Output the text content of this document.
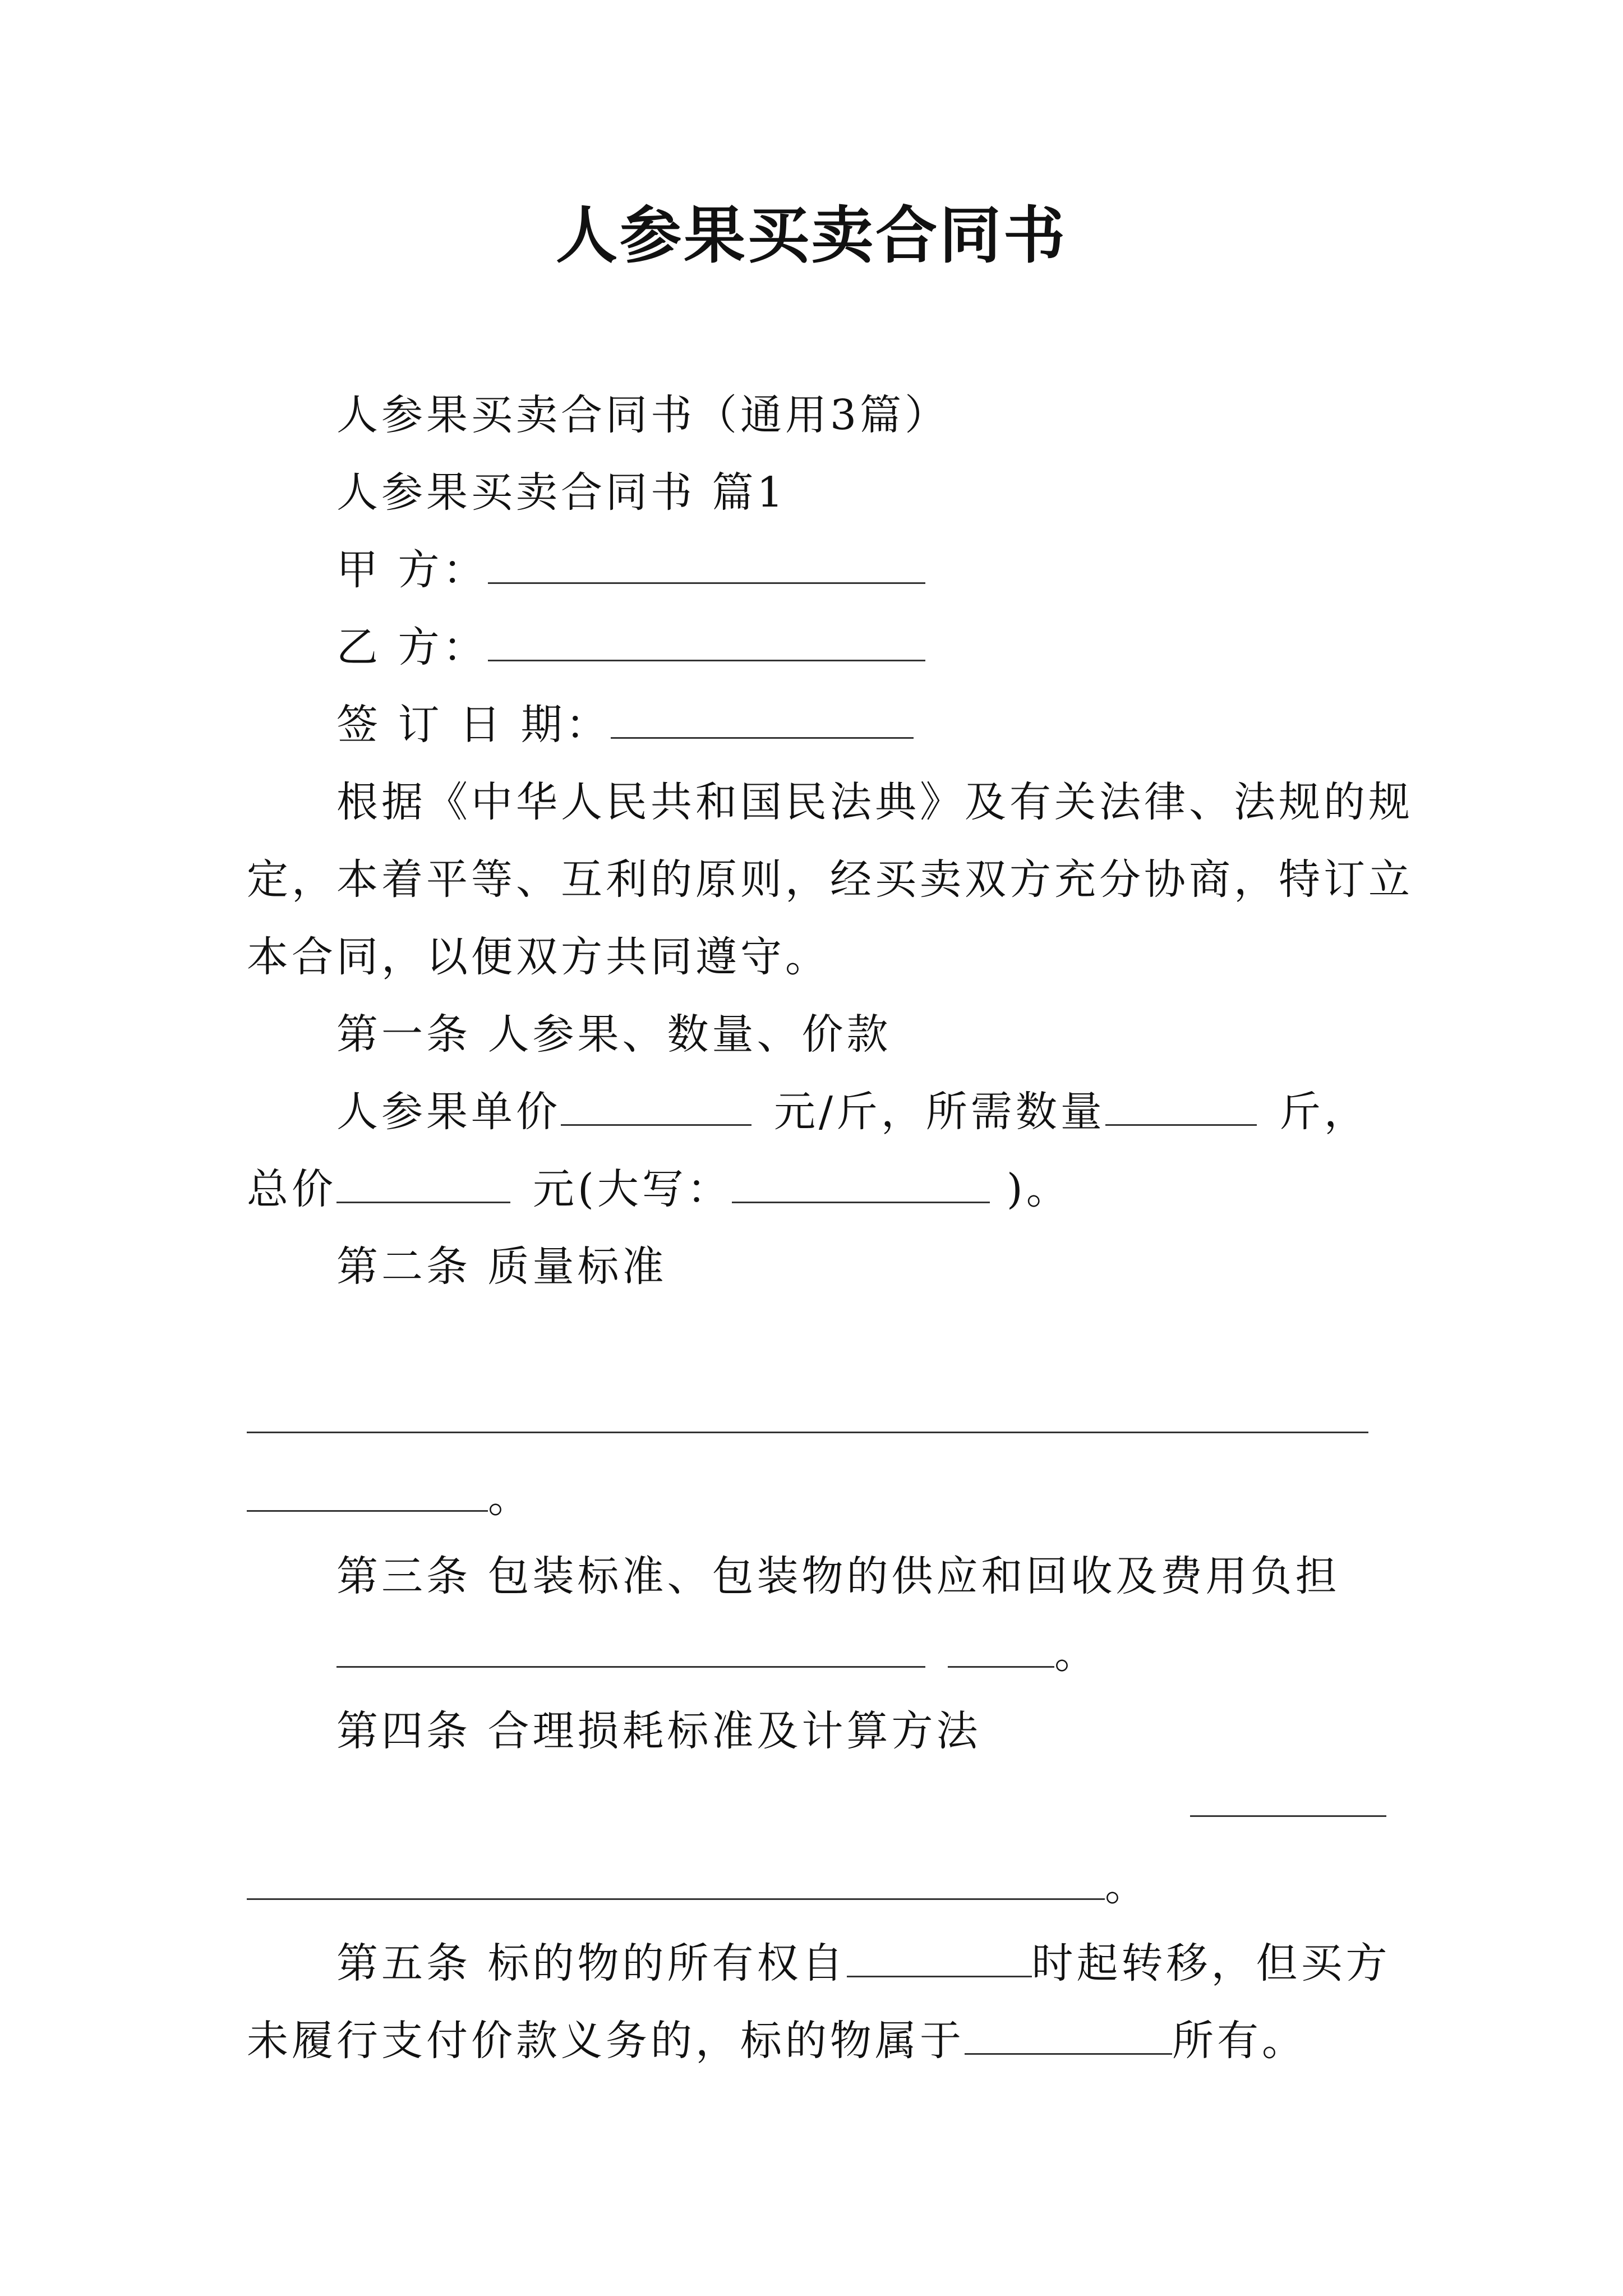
人参果买卖合同书
人参果买卖合同书（通用3篇）
人参果买卖合同书 篇1
甲 方：
乙 方：
签 订 日 期：
根据《中华人民共和国民法典》及有关法律、法规的规
定，本着平等、互利的原则，经买卖双方充分协商，特订立
本合同，以便双方共同遵守。
第一条 人参果、数量、价款
人参果单价	元/斤，所需数量	斤，
总价	元(大写：	)。
第二条 质量标准
。
第三条 包装标准、包装物的供应和回收及费用负担
。
第四条 合理损耗标准及计算方法
。
第五条 标的物的所有权自	时起转移，但买方
未履行支付价款义务的，标的物属于	所有。
